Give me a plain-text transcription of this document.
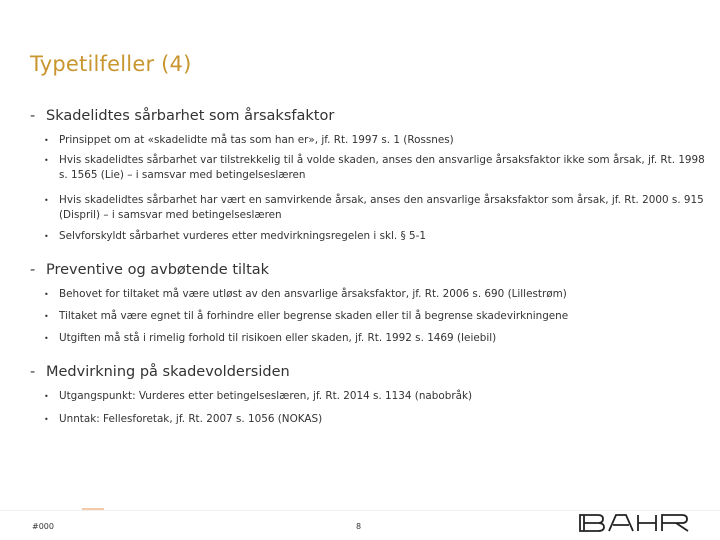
Typetilfeller (4)
- Skadelidtes sårbarhet som årsaksfaktor
• Prinsippet om at «skadelidte må tas som han er», jf. Rt. 1997 s. 1 (Rossnes)
• Hvis skadelidtes sårbarhet var tilstrekkelig til å volde skaden, anses den ansvarlige årsaksfaktor ikke som årsak, jf. Rt. 1998 s. 1565 (Lie) – i samsvar med betingelseslæren
• Hvis skadelidtes sårbarhet har vært en samvirkende årsak, anses den ansvarlige årsaksfaktor som årsak, jf. Rt. 2000 s. 915 (Dispril) – i samsvar med betingelseslæren
• Selvforskyldt sårbarhet vurderes etter medvirkningsregelen i skl. § 5-1
- Preventive og avbøtende tiltak
• Behovet for tiltaket må være utløst av den ansvarlige årsaksfaktor, jf. Rt. 2006 s. 690 (Lillestrøm)
• Tiltaket må være egnet til å forhindre eller begrense skaden eller til å begrense skadevirkningene
• Utgiften må stå i rimelig forhold til risikoen eller skaden, jf. Rt. 1992 s. 1469 (Ieiebil)
- Medvirkning på skadevoldersiden
• Utgangspunkt: Vurderes etter betingelseslæren, jf. Rt. 2014 s. 1134 (nabobråk)
• Unntak: Fellesforetak, jf. Rt. 2007 s. 1056 (NOKAS)
#000	8
